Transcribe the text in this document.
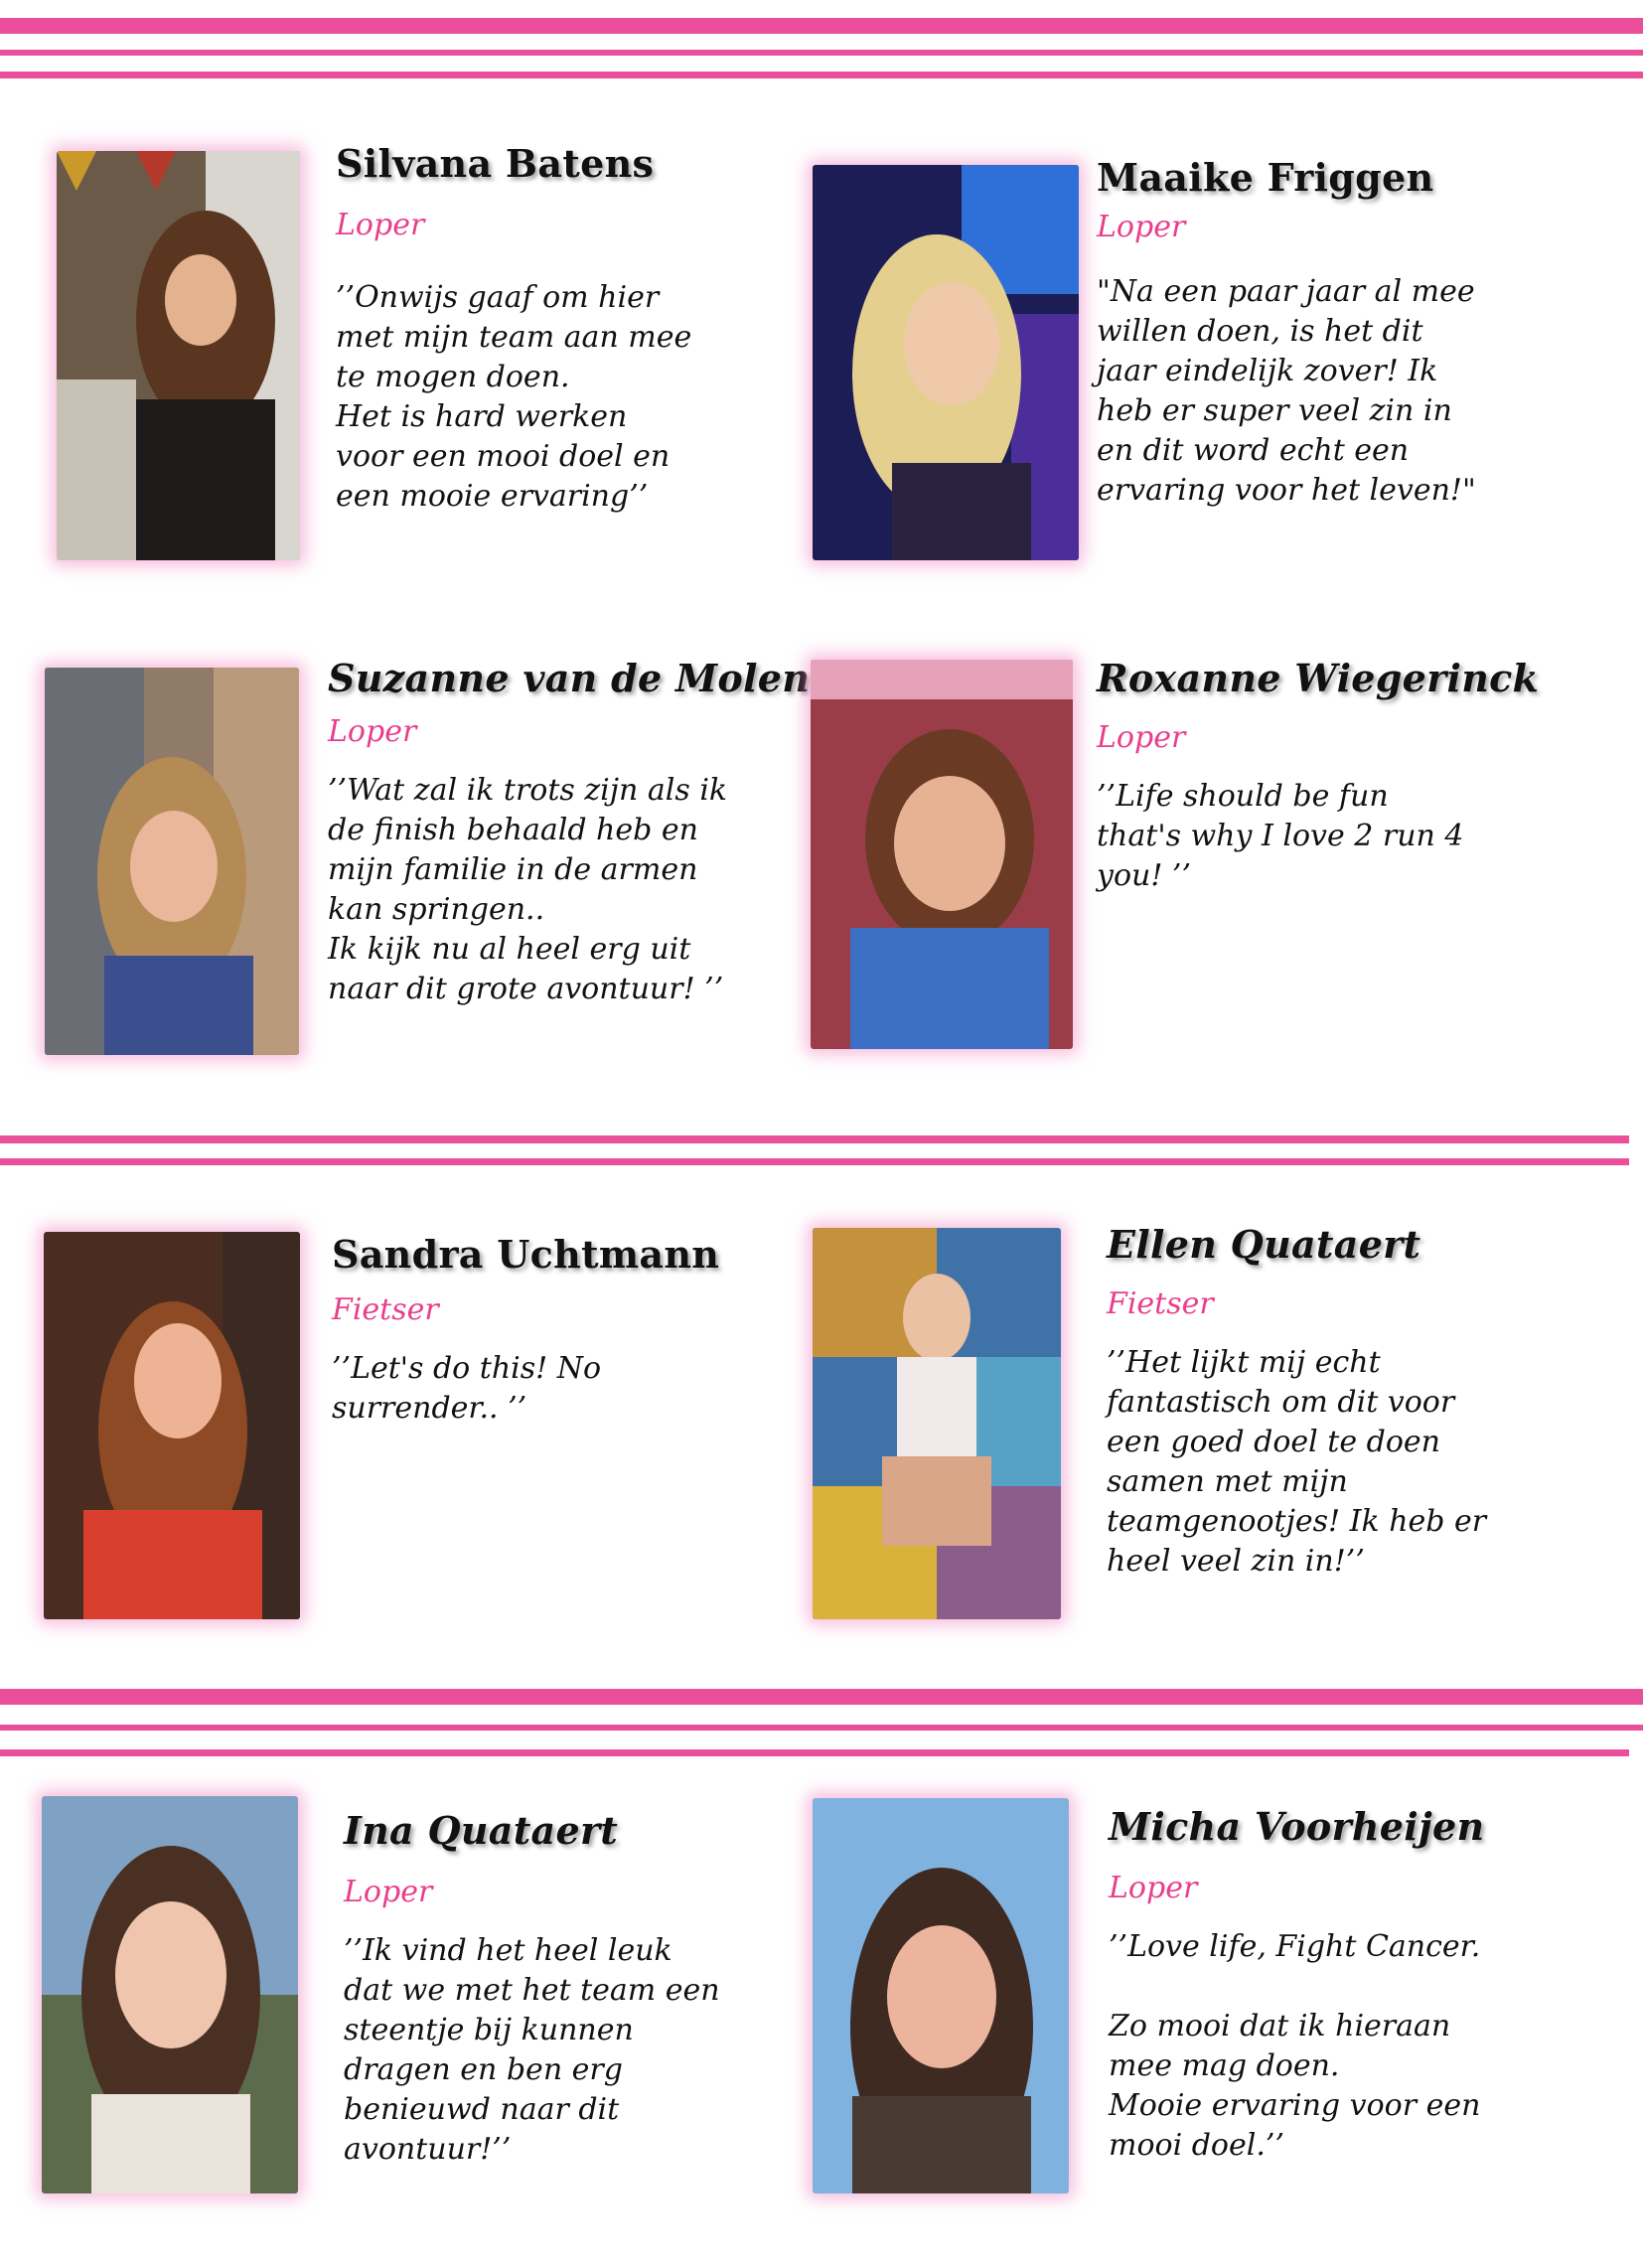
Silvana Batens

Loper

’’Onwijs gaaf om hier
met mijn team aan mee
te mogen doen.
Het is hard werken
voor een mooi doel en
een mooie ervaring’’

Maaike Friggen

Loper

"Na een paar jaar al mee
willen doen, is het dit
jaar eindelijk zover! Ik
heb er super veel zin in
en dit word echt een
ervaring voor het leven!"

Suzanne van de Molen

Loper

’’Wat zal ik trots zijn als ik
de finish behaald heb en
mijn familie in de armen
kan springen..
Ik kijk nu al heel erg uit
naar dit grote avontuur! ’’

Roxanne Wiegerinck

Loper

’’Life should be fun
that's why I love 2 run 4
you! ’’

Sandra Uchtmann

Fietser

’’Let's do this! No
surrender.. ’’

Ellen Quataert

Fietser

’’Het lijkt mij echt
fantastisch om dit voor
een goed doel te doen
samen met mijn
teamgenootjes! Ik heb er
heel veel zin in!’’

Ina Quataert

Loper

’’Ik vind het heel leuk
dat we met het team een
steentje bij kunnen
dragen en ben erg
benieuwd naar dit
avontuur!’’

Micha Voorheijen

Loper

’’Love life, Fight Cancer.

Zo mooi dat ik hieraan
mee mag doen.
Mooie ervaring voor een
mooi doel.’’
